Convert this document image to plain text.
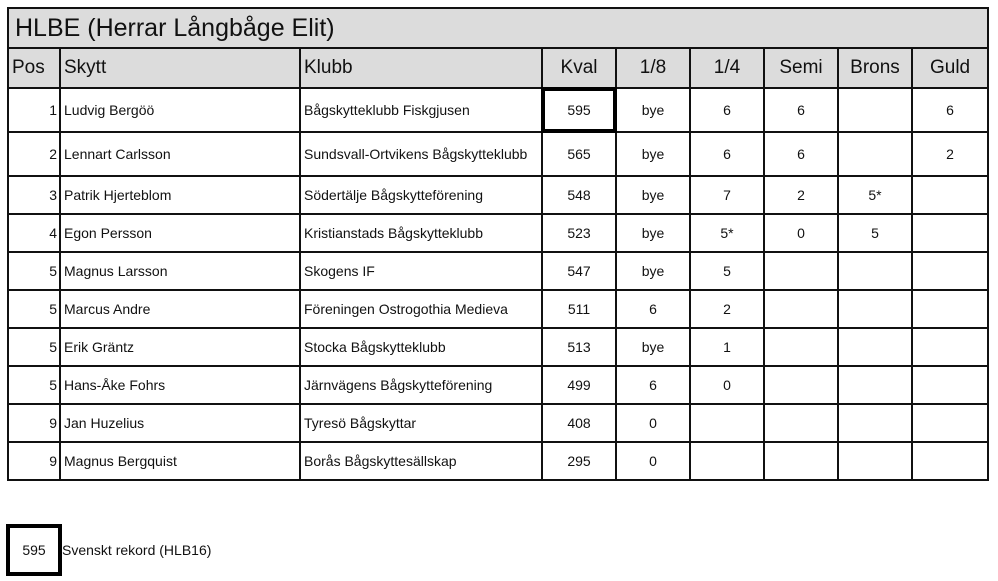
HLBE (Herrar Långbåge Elit)								
Pos	Skytt	Klubb	Kval	1/8	1/4	Semi	Brons	Guld
1	Ludvig Bergöö	Bågskytteklubb Fiskgjusen	595	bye	6	6		6
2	Lennart Carlsson	Sundsvall-Ortvikens Bågskytteklubb	565	bye	6	6		2
3	Patrik Hjerteblom	Södertälje Bågskytteförening	548	bye	7	2	5*	
4	Egon Persson	Kristianstads Bågskytteklubb	523	bye	5*	0	5	
5	Magnus Larsson	Skogens IF	547	bye	5			
5	Marcus Andre	Föreningen Ostrogothia Medieva	511	6	2			
5	Erik Gräntz	Stocka Bågskytteklubb	513	bye	1			
5	Hans-Åke Fohrs	Järnvägens Bågskytteförening	499	6	0			
9	Jan Huzelius	Tyresö Bågskyttar	408	0				
9	Magnus Bergquist	Borås Bågskyttesällskap	295	0				
595	Svenskt rekord (HLB16)
